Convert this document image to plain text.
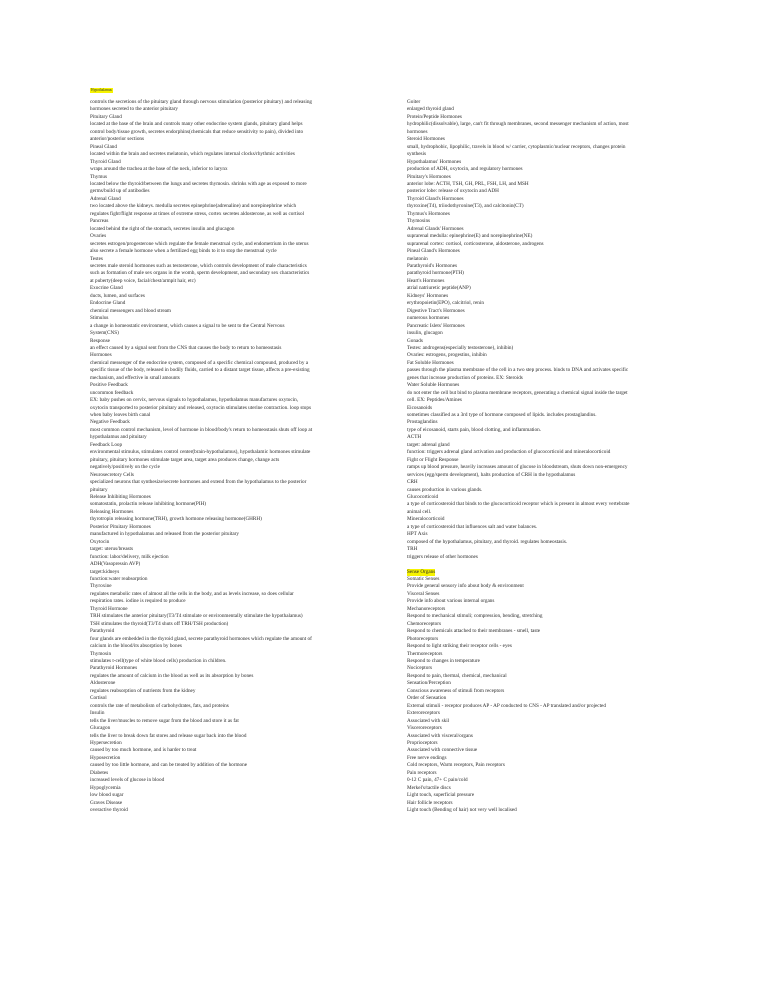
Hypothalamus
controls the secretions of the pituitary gland through nervous stimulation (posterior pituitary) and releasing
hormones secreted to the anterior pituitary
Pituitary Gland
located at the base of the brain and controls many other endocrine system glands, pituitary gland helps
control body/tissue growth, secretes endorphins(chemicals that reduce sensitivity to pain), divided into
anterior/posterior sections
Pineal Gland
located within the brain and secretes melatonin, which regulates internal clocks/rhythmic activities
Thyroid Gland
wraps around the trachea at the base of the neck, inferior to larynx
Thymus
located below the thyroid/between the lungs and secretes thymosin. shrinks with age as exposed to more
germs/build up of antibodies
Adrenal Gland
two located above the kidneys. medulla secretes epinephrine(adrenaline) and norepinephrine which
regulates fight/flight response at times of extreme stress, cortex secretes aldosterone, as well as cortisol
Pancreas
located behind the right of the stomach, secretes insulin and glucagon
Ovaries
secretes estrogen/progesterone which regulate the female menstrual cycle, and endometrium in the uterus
also secrete a female hormone when a fertilized egg binds to it to stop the menstrual cycle
Testes
secretes male steroid hormones such as testosterone, which controls development of male characteristics
such as formation of male sex organs in the womb, sperm development, and secondary sex characteristics
at puberty(deep voice, facial/chest/armpit hair, etc)
Exocrine Gland
ducts, lumen, and surfaces
Endocrine Gland
chemical messengers and blood stream
Stimulus
a change in homeostatic environment, which causes a signal to be sent to the Central Nervous
System(CNS)
Response
an effect caused by a signal sent from the CNS that causes the body to return to homeostasis
Hormones
chemical messenger of the endocrine system, composed of a specific chemical compound, produced by a
specific tissue of the body, released in bodily fluids, carried to a distant target tissue, affects a pre-existing
mechanism, and effective in small amounts
Positive Feedback
uncommon feedback
EX: baby pushes on cervix, nervous signals to hypothalamus, hypothalamus manufactures oxytocin,
oxytocin transported to posterior pituitary and released, oxytocin stimulates uterine contraction. loop stops
when baby leaves birth canal
Negative Feedback
most common control mechanism, level of hormone in blood/body's return to homeostasis shuts off loop at
hypothalamus and pituitary
Feedback Loop
environmental stimulus, stimulates control center(brain-hypothalamus), hypothalamic hormones stimulate
pituitary, pituitary hormones stimulate target area, target area produces change, change acts
negatively/positively on the cycle
Neurosecretory Cells
specialized neurons that synthesize/secrete hormones and extend from the hypothalamus to the posterior
pituitary
Release Inhibiting Hormones
somatostatin, prolactin release inhibiting hormone(PIH)
Releasing Hormones
thyrotropin releasing hormone(TRH), growth hormone releasing hormone(GHRH)
Posterior Pituitary Hormones
manufactured in hypothalamus and released from the posterior pituitary
Oxytocin
target: uterus/breasts
function: labor/delivery, milk ejection
ADH(Vasopressin AVP)
target:kidneys
function:water reabsorption
Thyroxine
regulates metabolic rates of almost all the cells in the body, and as levels increase, so does cellular
respiration rates. iodine is required to produce
Thyroid Hormone
TRH stimulates the anterior pituitary(T3/T4 stimulate or environmentally stimulate the hypothalamus)
TSH stimulates the thyroid(T3/T4 shuts off TRH/TSH production)
Parathyroid
four glands are embedded in the thyroid gland, secrete parathyroid hormones which regulate the amount of
calcium in the blood/its absorption by bones
Thymosin
stimulates t-cell(type of white blood cells) production in children.
Parathyroid Hormones
regulates the amount of calcium in the blood as well as its absorption by bones
Aldosterone
regulates reabsorption of nutrients from the kidney
Cortisol
controls the rate of metabolism of carbohydrates, fats, and proteins
Insulin
tells the liver/muscles to remove sugar from the blood and store it as fat
Glucagon
tells the liver to break down fat stores and release sugar back into the blood
Hypersecretion
caused by too much hormone, and is harder to treat
Hyposecretion
caused by too little hormone, and can be treated by addition of the hormone
Diabetes
increased levels of glucose in blood
Hypoglycemia
low blood sugar
Graves Disease
overactive thyroid
Goiter
enlarged thyroid gland
Protein/Peptide Hormones
hydrophilic(dissolvable), large, can't fit through membranes, second messenger mechanism of action, most
hormones
Steroid Hormones
small, hydrophobic, lipophilic, travels in blood w/ carrier, cytoplasmic/nuclear receptors, changes protein
synthesis
Hypothalamus' Hormones
production of ADH, oxytocin, and regulatory hormones
Pituitary's Hormones
anterior lobe: ACTH, TSH, GH, PRL, FSH, LH, and MSH
posterior lobe: release of oxytocin and ADH
Thyroid Gland's Hormones
thyroxine(T4), triiodothyronine(T3), and calcitonin(CT)
Thymus's Hormones
Thymosins
Adrenal Glands' Hormones
suprarenal medulla: epinephrine(E) and norepinephrine(NE)
suprarenal cortex: cortisol, corticosterone, aldosterone, androgens
Pineal Gland's Hormones
melatonin
Parathyroid's Hormones
parathyroid hormone(PTH)
Heart's Hormones
atrial natriuretic peptide(ANP)
Kidneys' Hormones
erythropoietin(EPO), calcitriol, renin
Digestive Tract's Hormones
numerous hormones
Pancreatic Islets' Hormones
insulin, glucagon
Gonads
Testes: androgens(especially testosterone), inhibin)
Ovaries: estrogens, progestins, inhibin
Fat Soluble Hormones
passes through the plasma membrane of the cell in a two step process. binds to DNA and activates specific
genes that increase production of proteins. EX: Steroids
Water Soluble Hormones
do not enter the cell but bind to plasma membrane receptors, generating a chemical signal inside the target
cell. EX: Peptides/Amines
Eicosanoids
sometimes classified as a 3rd type of hormone composed of lipids. includes prostaglandins.
Prostaglandins
type of eicosanoid, starts pain, blood clotting, and inflammation.
ACTH
target: adrenal gland
function: triggers adrenal gland activation and production of glucocorticoid and mineralocorticoid
Fight or Flight Response
ramps up blood pressure, heavily increases amount of glucose in bloodstream, shuts down non-emergency
services (egg/sperm development), halts production of CRH in the hypothalamus
CRH
causes production in various glands.
Glucocorticoid
a type of corticosteroid that binds to the glucocorticoid receptor which is present in almost every vertebrate
animal cell.
Mineralocorticoid
a type of corticosteroid that influences salt and water balances.
HPT Axis
composed of the hypothalamus, pituitary, and thyroid. regulates homeostasis.
TRH
triggers release of other hormones
Sense Organs
Somatic Senses
Provide general sensory info about body & environment
Visceral Senses
Provide info about various internal organs
Mechanoreceptors
Respond to mechanical stimuli; compression, bending, stretching
Chemoreceptors
Respond to chemicals attached to their membranes - smell, taste
Photoreceptors
Respond to light striking their receptor cells - eyes
Thermoreceptors
Respond to changes in temperature
Nociceptors
Respond to pain, thermal, chemical, mechanical
Sensation/Perception
Conscious awareness of stimuli from receptors
Order of Sensation
External stimuli - receptor produces AP - AP conducted to CNS - AP translated and/or projected
Exteroreceptors
Associated with skil
Visceroreceptors
Associated with visceral/organs
Proprioceptors
Associated with connective tissue
Free nerve endings
Cold receptors, Warm receptors, Pain receptors
Pain receptors
0-12 C pain, 47+ C pain/cold
Merkel's/tactile discs
Light touch, superficial pressure
Hair follicle receptors
Light touch (Bending of hair) not very well localised
